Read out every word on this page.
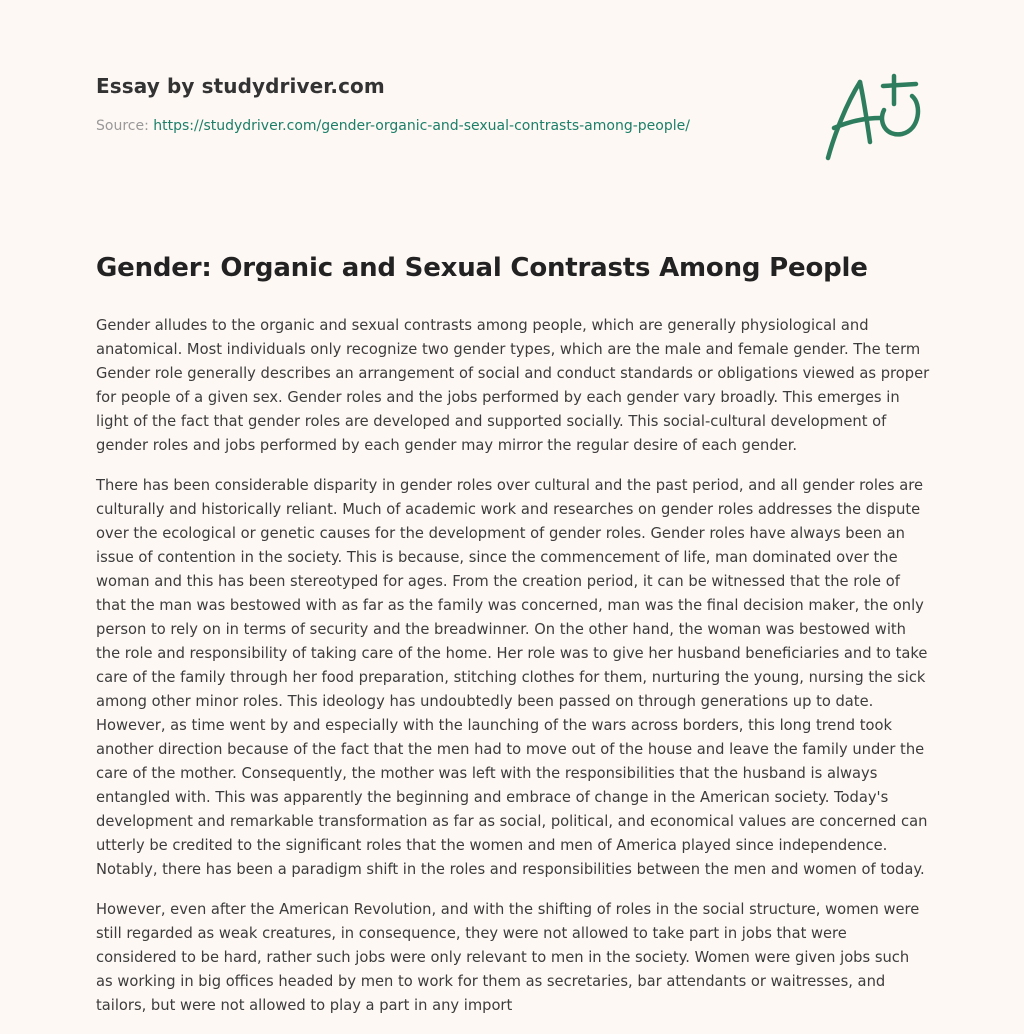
Essay by studydriver.com
Source: https://studydriver.com/gender-organic-and-sexual-contrasts-among-people/
Gender: Organic and Sexual Contrasts Among People

Gender alludes to the organic and sexual contrasts among people, which are generally physiological and anatomical. Most individuals only recognize two gender types, which are the male and female gender. The term Gender role generally describes an arrangement of social and conduct standards or obligations viewed as proper for people of a given sex. Gender roles and the jobs performed by each gender vary broadly. This emerges in light of the fact that gender roles are developed and supported socially. This social-cultural development of gender roles and jobs performed by each gender may mirror the regular desire of each gender.

There has been considerable disparity in gender roles over cultural and the past period, and all gender roles are culturally and historically reliant. Much of academic work and researches on gender roles addresses the dispute over the ecological or genetic causes for the development of gender roles. Gender roles have always been an issue of contention in the society. This is because, since the commencement of life, man dominated over the woman and this has been stereotyped for ages. From the creation period, it can be witnessed that the role of that the man was bestowed with as far as the family was concerned, man was the final decision maker, the only person to rely on in terms of security and the breadwinner. On the other hand, the woman was bestowed with the role and responsibility of taking care of the home. Her role was to give her husband beneficiaries and to take care of the family through her food preparation, stitching clothes for them, nurturing the young, nursing the sick among other minor roles. This ideology has undoubtedly been passed on through generations up to date. However, as time went by and especially with the launching of the wars across borders, this long trend took another direction because of the fact that the men had to move out of the house and leave the family under the care of the mother. Consequently, the mother was left with the responsibilities that the husband is always entangled with. This was apparently the beginning and embrace of change in the American society. Today's development and remarkable transformation as far as social, political, and economical values are concerned can utterly be credited to the significant roles that the women and men of America played since independence. Notably, there has been a paradigm shift in the roles and responsibilities between the men and women of today.

However, even after the American Revolution, and with the shifting of roles in the social structure, women were still regarded as weak creatures, in consequence, they were not allowed to take part in jobs that were considered to be hard, rather such jobs were only relevant to men in the society. Women were given jobs such as working in big offices headed by men to work for them as secretaries, bar attendants or waitresses, and tailors, but were not allowed to play a part in any import
